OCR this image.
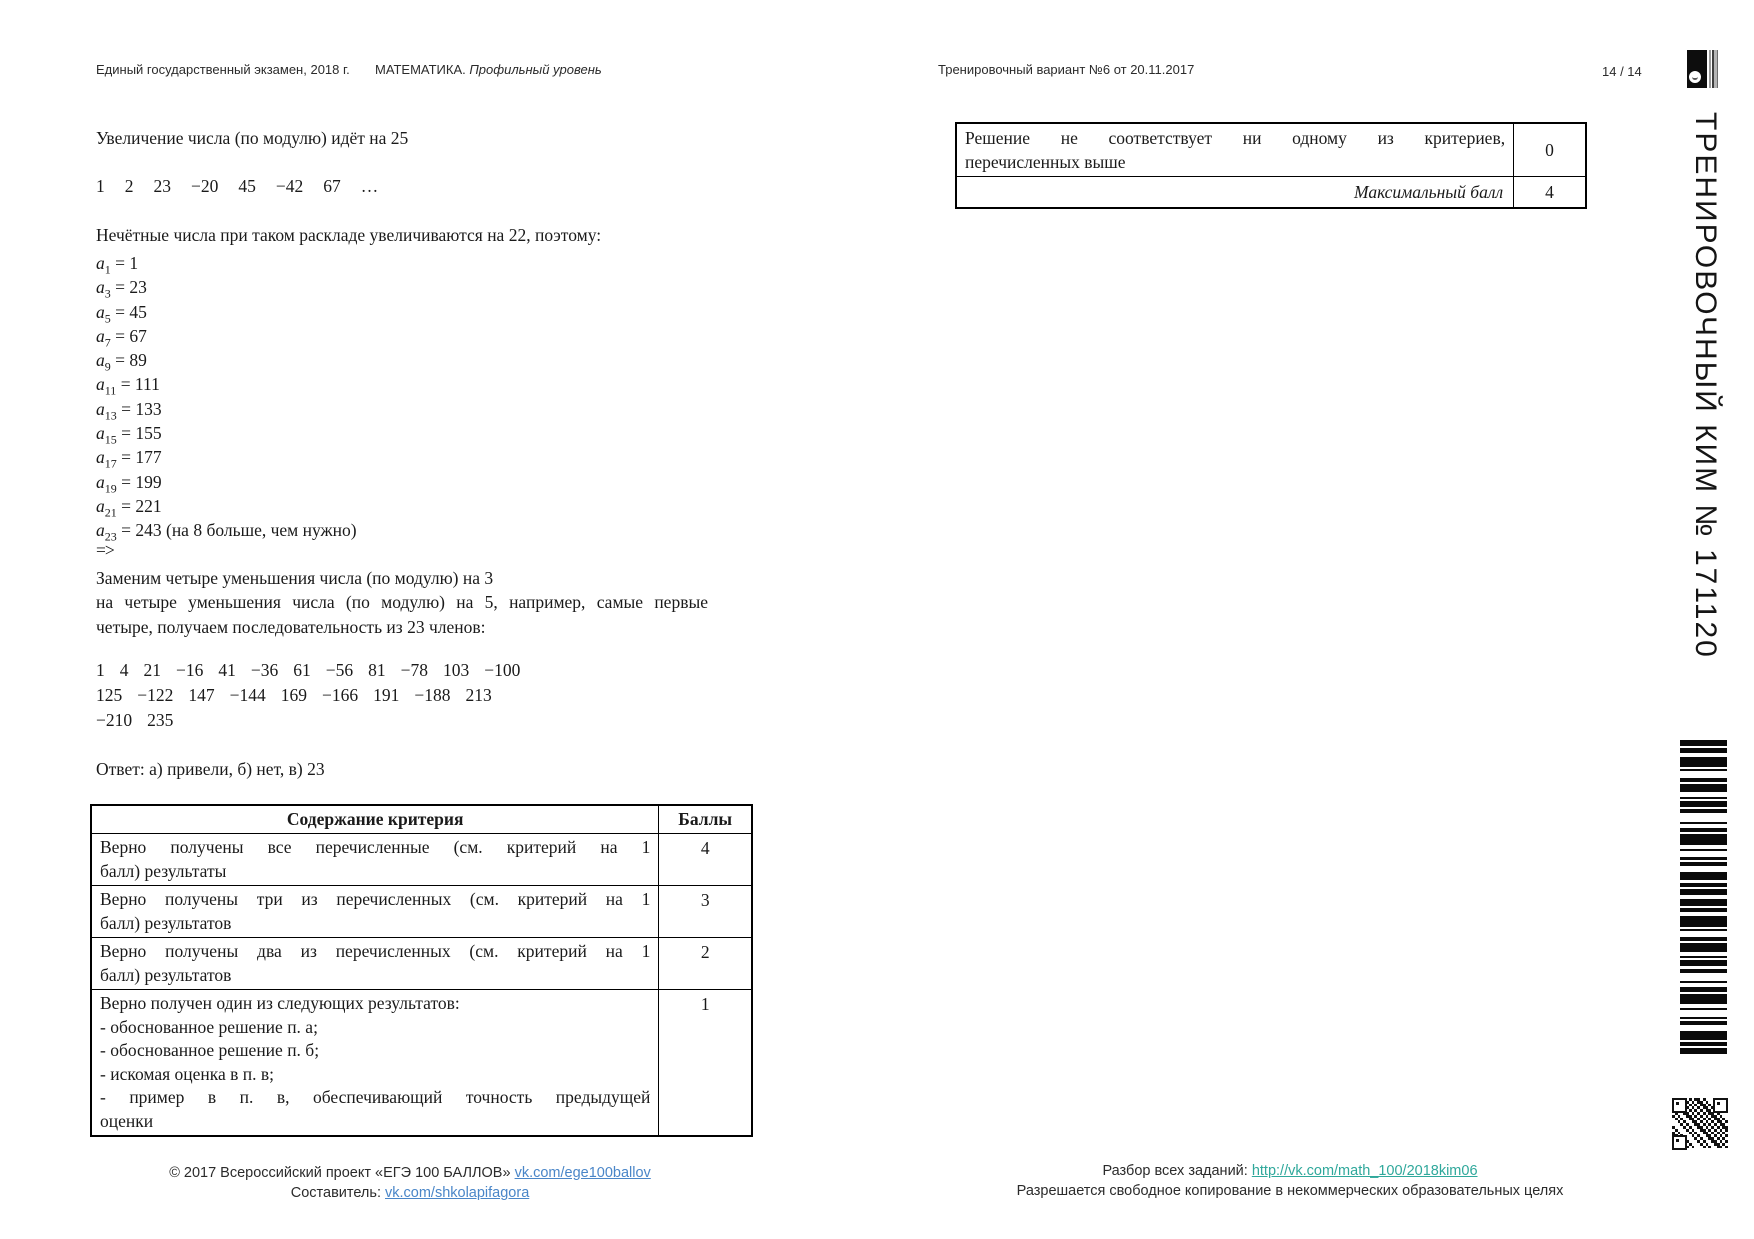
Единый государственный экзамен, 2018 г. МАТЕМАТИКА. Профильный уровень	Тренировочный вариант №6 от 20.11.2017	14 / 14
ТРЕНИРОВОЧНЫЙ КИМ № 171120
Решение не соответствует ни одному из критериев,
перечисленных выше	0
Максимальный балл	4
Увеличение числа (по модулю) идёт на 25
1 2 23 −20 45 −42 67 …
Нечётные числа при таком раскладе увеличиваются на 22, поэтому:
$a_1 = 1$
$a_3 = 23$
$a_5 = 45$
$a_7 = 67$
$a_9 = 89$
$a_{11} = 111$
$a_{13} = 133$
$a_{15} = 155$
$a_{17} = 177$
$a_{19} = 199$
$a_{21} = 221$
$a_{23} = 243$ (на 8 больше, чем нужно)
=>
Заменим четыре уменьшения числа (по модулю) на 3
на четыре уменьшения числа (по модулю) на 5, например, самые первые
четыре, получаем последовательность из 23 членов:
1 4 21 −16 41 −36 61 −56 81 −78 103 −100
125 −122 147 −144 169 −166 191 −188 213
−210 235
Ответ: а) привели, б) нет, в) 23
Содержание критерия	Баллы

Верно получены все перечисленные (см. критерий на 1
балл) результаты	4

Верно получены три из перечисленных (см. критерий на 1
балл) результатов	3

Верно получены два из перечисленных (см. критерий на 1
балл) результатов	2

Верно получен один из следующих результатов:
- обоснованное решение п. а;
- обоснованное решение п. б;
- искомая оценка в п. в;
- пример в п. в, обеспечивающий точность предыдущей
оценки
	1
© 2017 Всероссийский проект «ЕГЭ 100 БАЛЛОВ» vk.com/ege100ballov
Составитель: vk.com/shkolapifagora
Разбор всех заданий: http://vk.com/math_100/2018kim06
Разрешается свободное копирование в некоммерческих образовательных целях
